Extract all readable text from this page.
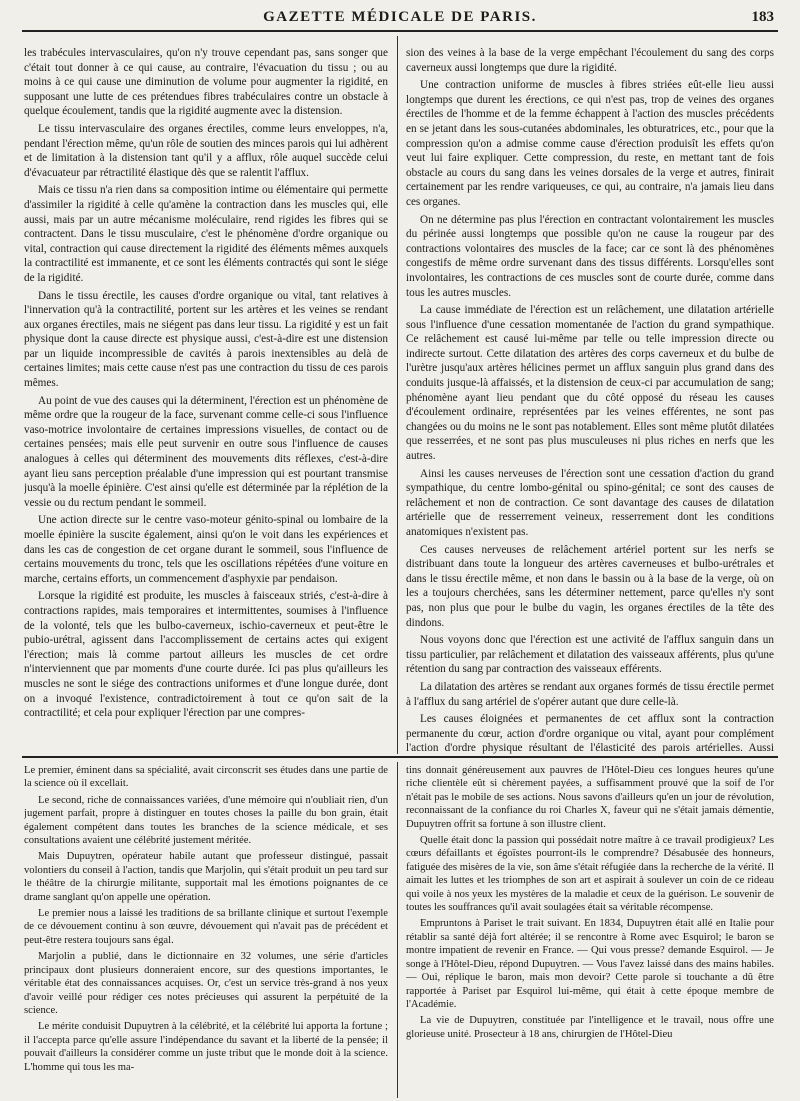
GAZETTE MÉDICALE DE PARIS.	183

les trabécules intervasculaires, qu'on n'y trouve cependant pas, sans songer que c'était tout donner à ce qui cause, au contraire, l'évacuation du tissu ; ou au moins à ce qui cause une diminution de volume pour augmenter la rigidité, en supposant une lutte de ces prétendues fibres trabéculaires contre un obstacle à quelque écoulement, tandis que la rigidité augmente avec la distension.

Le tissu intervasculaire des organes érectiles, comme leurs enveloppes, n'a, pendant l'érection même, qu'un rôle de soutien des minces parois qui lui adhèrent et de limitation à la distension tant qu'il y a afflux, rôle auquel succède celui d'évacuateur par rétractilité élastique dès que se ralentit l'afflux.

Mais ce tissu n'a rien dans sa composition intime ou élémentaire qui permette d'assimiler la rigidité à celle qu'amène la contraction dans les muscles qui, elle aussi, mais par un autre mécanisme moléculaire, rend rigides les fibres qui se contractent. Dans le tissu musculaire, c'est le phénomène d'ordre organique ou vital, contraction qui cause directement la rigidité des éléments mêmes auxquels la contractilité est immanente, et ce sont les éléments contractés qui sont le siége de la rigidité.

Dans le tissu érectile, les causes d'ordre organique ou vital, tant relatives à l'innervation qu'à la contractilité, portent sur les artères et les veines se rendant aux organes érectiles, mais ne siégent pas dans leur tissu. La rigidité y est un fait physique dont la cause directe est physique aussi, c'est-à-dire est une distension par un liquide incompressible de cavités à parois inextensibles au delà de certaines limites; mais cette cause n'est pas une contraction du tissu de ces parois mêmes.

Au point de vue des causes qui la déterminent, l'érection est un phénomène de même ordre que la rougeur de la face, survenant comme celle-ci sous l'influence vaso-motrice involontaire de certaines impressions visuelles, de contact ou de certaines pensées; mais elle peut survenir en outre sous l'influence de causes analogues à celles qui déterminent des mouvements dits réflexes, c'est-à-dire ayant lieu sans perception préalable d'une impression qui est pourtant transmise jusqu'à la moelle épinière. C'est ainsi qu'elle est déterminée par la réplétion de la vessie ou du rectum pendant le sommeil.

Une action directe sur le centre vaso-moteur génito-spinal ou lombaire de la moelle épinière la suscite également, ainsi qu'on le voit dans les expériences et dans les cas de congestion de cet organe durant le sommeil, sous l'influence de certains mouvements du tronc, tels que les oscillations répétées d'une voiture en marche, certains efforts, un commencement d'asphyxie par pendaison.

Lorsque la rigidité est produite, les muscles à faisceaux striés, c'est-à-dire à contractions rapides, mais temporaires et intermittentes, soumises à l'influence de la volonté, tels que les bulbo-caverneux, ischio-caverneux et peut-être le pubio-urétral, agissent dans l'accomplissement de certains actes qui exigent l'érection; mais là comme partout ailleurs les muscles de cet ordre n'interviennent que par moments d'une courte durée. Ici pas plus qu'ailleurs les muscles ne sont le siége des contractions uniformes et d'une longue durée, dont on a invoqué l'existence, contradictoirement à tout ce qu'on sait de la contractilité; et cela pour expliquer l'érection par une compres-

sion des veines à la base de la verge empêchant l'écoulement du sang des corps caverneux aussi longtemps que dure la rigidité.

Une contraction uniforme de muscles à fibres striées eût-elle lieu aussi longtemps que durent les érections, ce qui n'est pas, trop de veines des organes érectiles de l'homme et de la femme échappent à l'action des muscles précédents en se jetant dans les sous-cutanées abdominales, les obturatrices, etc., pour que la compression qu'on a admise comme cause d'érection produisît les effets qu'on veut lui faire expliquer. Cette compression, du reste, en mettant tant de fois obstacle au cours du sang dans les veines dorsales de la verge et autres, finirait certainement par les rendre variqueuses, ce qui, au contraire, n'a jamais lieu dans ces organes.

On ne détermine pas plus l'érection en contractant volontairement les muscles du périnée aussi longtemps que possible qu'on ne cause la rougeur par des contractions volontaires des muscles de la face; car ce sont là des phénomènes congestifs de même ordre survenant dans des tissus différents. Lorsqu'elles sont involontaires, les contractions de ces muscles sont de courte durée, comme dans tous les autres muscles.

La cause immédiate de l'érection est un relâchement, une dilatation artérielle sous l'influence d'une cessation momentanée de l'action du grand sympathique. Ce relâchement est causé lui-même par telle ou telle impression directe ou indirecte surtout. Cette dilatation des artères des corps caverneux et du bulbe de l'urètre jusqu'aux artères hélicines permet un afflux sanguin plus grand dans des conduits jusque-là affaissés, et la distension de ceux-ci par accumulation de sang; phénomène ayant lieu pendant que du côté opposé du réseau les causes d'écoulement ordinaire, représentées par les veines efférentes, ne sont pas changées ou du moins ne le sont pas notablement. Elles sont même plutôt dilatées que resserrées, et ne sont pas plus musculeuses ni plus riches en nerfs que les autres.

Ainsi les causes nerveuses de l'érection sont une cessation d'action du grand sympathique, du centre lombo-génital ou spino-génital; ce sont des causes de relâchement et non de contraction. Ce sont davantage des causes de dilatation artérielle que de resserrement veineux, resserrement dont les conditions anatomiques n'existent pas.

Ces causes nerveuses de relâchement artériel portent sur les nerfs se distribuant dans toute la longueur des artères caverneuses et bulbo-urétrales et dans le tissu érectile même, et non dans le bassin ou à la base de la verge, où on les a toujours cherchées, sans les déterminer nettement, parce qu'elles n'y sont pas, non plus que pour le bulbe du vagin, les organes érectiles de la tête des dindons.

Nous voyons donc que l'érection est une activité de l'afflux sanguin dans un tissu particulier, par relâchement et dilatation des vaisseaux afférents, plus qu'une rétention du sang par contraction des vaisseaux efférents.

La dilatation des artères se rendant aux organes formés de tissu érectile permet à l'afflux du sang artériel de s'opérer autant que dure celle-là.

Les causes éloignées et permanentes de cet afflux sont la contraction permanente du cœur, action d'ordre organique ou vital, ayant pour complément l'action d'ordre physique résultant de l'élasticité des parois artérielles. Aussi

Le premier, éminent dans sa spécialité, avait circonscrit ses études dans une partie de la science où il excellait.

Le second, riche de connaissances variées, d'une mémoire qui n'oubliait rien, d'un jugement parfait, propre à distinguer en toutes choses la paille du bon grain, était également compétent dans toutes les branches de la science médicale, et ses consultations avaient une célébrité justement méritée.

Mais Dupuytren, opérateur habile autant que professeur distingué, passait volontiers du conseil à l'action, tandis que Marjolin, qui s'était produit un peu tard sur le théâtre de la chirurgie militante, supportait mal les émotions poignantes de ce drame sanglant qu'on appelle une opération.

Le premier nous a laissé les traditions de sa brillante clinique et surtout l'exemple de ce dévouement continu à son œuvre, dévouement qui n'avait pas de précédent et peut-être restera toujours sans égal.

Marjolin a publié, dans le dictionnaire en 32 volumes, une série d'articles principaux dont plusieurs donneraient encore, sur des questions importantes, le véritable état des connaissances acquises. Or, c'est un service très-grand à nos yeux d'avoir veillé pour rédiger ces notes précieuses qui assurent la perpétuité de la science.

Le mérite conduisit Dupuytren à la célébrité, et la célébrité lui apporta la fortune ; il l'accepta parce qu'elle assure l'indépendance du savant et la liberté de la pensée; il pouvait d'ailleurs la considérer comme un juste tribut que le monde doit à la science. L'homme qui tous les ma-

tins donnait généreusement aux pauvres de l'Hôtel-Dieu ces longues heures qu'une riche clientèle eût si chèrement payées, a suffisamment prouvé que la soif de l'or n'était pas le mobile de ses actions. Nous savons d'ailleurs qu'en un jour de révolution, reconnaissant de la confiance du roi Charles X, faveur qui ne s'était jamais démentie, Dupuytren offrit sa fortune à son illustre client.

Quelle était donc la passion qui possédait notre maître à ce travail prodigieux? Les cœurs défaillants et égoïstes pourront-ils le comprendre? Désabusée des honneurs, fatiguée des misères de la vie, son âme s'était réfugiée dans la recherche de la vérité. Il aimait les luttes et les triomphes de son art et aspirait à soulever un coin de ce rideau qui voile à nos yeux les mystères de la maladie et ceux de la guérison. Le souvenir de toutes les souffrances qu'il avait soulagées était sa véritable récompense.

Empruntons à Pariset le trait suivant. En 1834, Dupuytren était allé en Italie pour rétablir sa santé déjà fort altérée; il se rencontre à Rome avec Esquirol; le baron se montre impatient de revenir en France. — Qui vous presse? demande Esquirol. — Je songe à l'Hôtel-Dieu, répond Dupuytren. — Vous l'avez laissé dans des mains habiles. — Oui, réplique le baron, mais mon devoir? Cette parole si touchante a dû être rapportée à Pariset par Esquirol lui-même, qui était à cette époque membre de l'Académie.

La vie de Dupuytren, constituée par l'intelligence et le travail, nous offre une glorieuse unité. Prosecteur à 18 ans, chirurgien de l'Hôtel-Dieu
